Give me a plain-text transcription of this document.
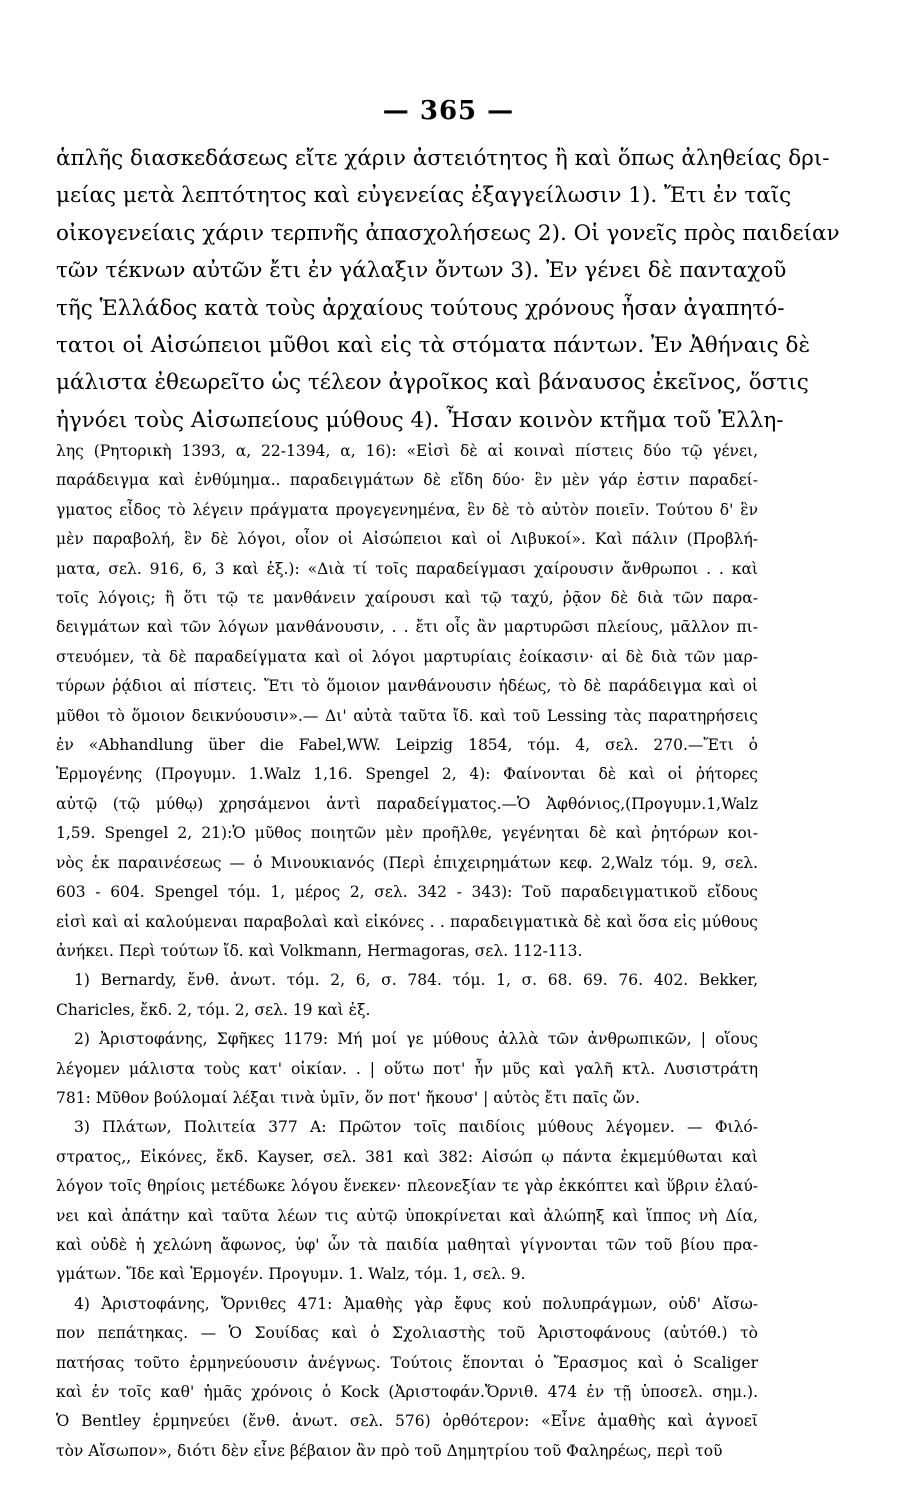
— 365 —
ἁπλῆς διασκεδάσεως εἴτε χάριν ἀστειότητος ἢ καὶ ὅπως ἀληθείας δρι-
μείας μετὰ λεπτότητος καὶ εὐγενείας ἐξαγγείλωσιν 1). Ἔτι ἐν ταῖς
οἰκογενείαις χάριν τερπνῆς ἀπασχολήσεως 2). Οἱ γονεῖς πρὸς παιδείαν
τῶν τέκνων αὐτῶν ἔτι ἐν γάλαξιν ὄντων 3). Ἐν γένει δὲ πανταχοῦ
τῆς Ἑλλάδος κατὰ τοὺς ἀρχαίους τούτους χρόνους ἦσαν ἀγαπητό-
τατοι οἱ Αἰσώπειοι μῦθοι καὶ εἰς τὰ στόματα πάντων. Ἐν Ἀθήναις δὲ
μάλιστα ἐθεωρεῖτο ὡς τέλεον ἀγροῖκος καὶ βάναυσος ἐκεῖνος, ὅστις
ἠγνόει τοὺς Αἰσωπείους μύθους 4). Ἦσαν κοινὸν κτῆμα τοῦ Ἑλλη-
λης (Ρητορικὴ 1393, α, 22-1394, α, 16): «Εἰσὶ δὲ αἱ κοιναὶ πίστεις δύο τῷ γένει,
παράδειγμα καὶ ἐνθύμημα.. παραδειγμάτων δὲ εἴδη δύο· ἓν μὲν γάρ ἐστιν παραδεί-
γματος εἶδος τὸ λέγειν πράγματα προγεγενημένα, ἓν δὲ τὸ αὐτὸν ποιεῖν. Τούτου δ' ἓν
μὲν παραβολή, ἓν δὲ λόγοι, οἷον οἱ Αἰσώπειοι καὶ οἱ Λιβυκοί». Καὶ πάλιν (Προβλή-
ματα, σελ. 916, 6, 3 καὶ ἑξ.): «Διὰ τί τοῖς παραδείγμασι χαίρουσιν ἄνθρωποι . . καὶ
τοῖς λόγοις; ἢ ὅτι τῷ τε μανθάνειν χαίρουσι καὶ τῷ ταχύ, ῥᾷον δὲ διὰ τῶν παρα-
δειγμάτων καὶ τῶν λόγων μανθάνουσιν, . . ἔτι οἷς ἂν μαρτυρῶσι πλείους, μᾶλλον πι-
στευόμεν, τὰ δὲ παραδείγματα καὶ οἱ λόγοι μαρτυρίαις ἐοίκασιν· αἱ δὲ διὰ τῶν μαρ-
τύρων ῥᾴδιοι αἱ πίστεις. Ἔτι τὸ ὅμοιον μανθάνουσιν ἡδέως, τὸ δὲ παράδειγμα καὶ οἱ
μῦθοι τὸ ὅμοιον δεικνύουσιν».— Δι' αὐτὰ ταῦτα ἴδ. καὶ τοῦ Lessing τὰς παρατηρήσεις
ἐν «Abhandlung über die Fabel,WW. Leipzig 1854, τόμ. 4, σελ. 270.—Ἔτι ὁ
Ἑρμογένης (Προγυμν. 1.Walz 1,16. Spengel 2, 4): Φαίνονται δὲ καὶ οἱ ῥήτορες
αὐτῷ (τῷ μύθῳ) χρησάμενοι ἀντὶ παραδείγματος.—Ὁ Ἀφθόνιος,(Προγυμν.1,Walz
1,59. Spengel 2, 21):Ὁ μῦθος ποιητῶν μὲν προῆλθε, γεγένηται δὲ καὶ ῥητόρων κοι-
νὸς ἐκ παραινέσεως — ὁ Μινουκιανός (Περὶ ἐπιχειρημάτων κεφ. 2,Walz τόμ. 9, σελ.
603 - 604. Spengel τόμ. 1, μέρος 2, σελ. 342 - 343): Τοῦ παραδειγματικοῦ εἴδους
εἰσὶ καὶ αἱ καλούμεναι παραβολαὶ καὶ εἰκόνες . . παραδειγματικὰ δὲ καὶ ὅσα εἰς μύθους
ἀνήκει. Περὶ τούτων ἴδ. καὶ Volkmann, Hermagoras, σελ. 112-113.
1) Bernardy, ἔνθ. ἀνωτ. τόμ. 2, 6, σ. 784. τόμ. 1, σ. 68. 69. 76. 402. Bekker,
Charicles, ἔκδ. 2, τόμ. 2, σελ. 19 καὶ ἑξ.
2) Ἀριστοφάνης, Σφῆκες 1179: Μή μοί γε μύθους ἀλλὰ τῶν ἀνθρωπικῶν, | οἵους
λέγομεν μάλιστα τοὺς κατ' οἰκίαν. . | οὕτω ποτ' ἦν μῦς καὶ γαλῆ κτλ. Λυσιστράτη
781: Μῦθον βούλομαί λέξαι τινὰ ὑμῖν, ὅν ποτ' ἤκουσ' | αὐτὸς ἔτι παῖς ὤν.
3) Πλάτων, Πολιτεία 377 A: Πρῶτον τοῖς παιδίοις μύθους λέγομεν. — Φιλό-
στρατος,, Εἰκόνες, ἔκδ. Kayser, σελ. 381 καὶ 382: Αἰσώπ ῳ πάντα ἐκμεμύθωται καὶ
λόγον τοῖς θηρίοις μετέδωκε λόγου ἕνεκεν· πλεονεξίαν τε γὰρ ἐκκόπτει καὶ ὕβριν ἐλαύ-
νει καὶ ἀπάτην καὶ ταῦτα λέων τις αὐτῷ ὑποκρίνεται καὶ ἀλώπηξ καὶ ἵππος νὴ Δία,
καὶ οὐδὲ ἡ χελώνη ἄφωνος, ὑφ' ὧν τὰ παιδία μαθηταὶ γίγνονται τῶν τοῦ βίου πρα-
γμάτων. Ἴδε καὶ Ἑρμογέν. Προγυμν. 1. Walz, τόμ. 1, σελ. 9.
4) Ἀριστοφάνης, Ὄρνιθες 471: Ἀμαθὴς γὰρ ἔφυς κοὐ πολυπράγμων, οὐδ' Αἴσω-
πον πεπάτηκας. — Ὁ Σουίδας καὶ ὁ Σχολιαστὴς τοῦ Ἀριστοφάνους (αὐτόθ.) τὸ
πατήσας τοῦτο ἑρμηνεύουσιν ἀνέγνως. Τούτοις ἕπονται ὁ Ἔρασμος καὶ ὁ Scaliger
καὶ ἐν τοῖς καθ' ἡμᾶς χρόνοις ὁ Kock (Ἀριστοφάν.Ὄρνιθ. 474 ἐν τῇ ὑποσελ. σημ.).
Ὁ Bentley ἑρμηνεύει (ἔνθ. ἀνωτ. σελ. 576) ὀρθότερον: «Εἶνε ἀμαθὴς καὶ ἀγνοεῖ
τὸν Αἴσωπον», διότι δὲν εἶνε βέβαιον ἂν πρὸ τοῦ Δημητρίου τοῦ Φαληρέως, περὶ τοῦ
